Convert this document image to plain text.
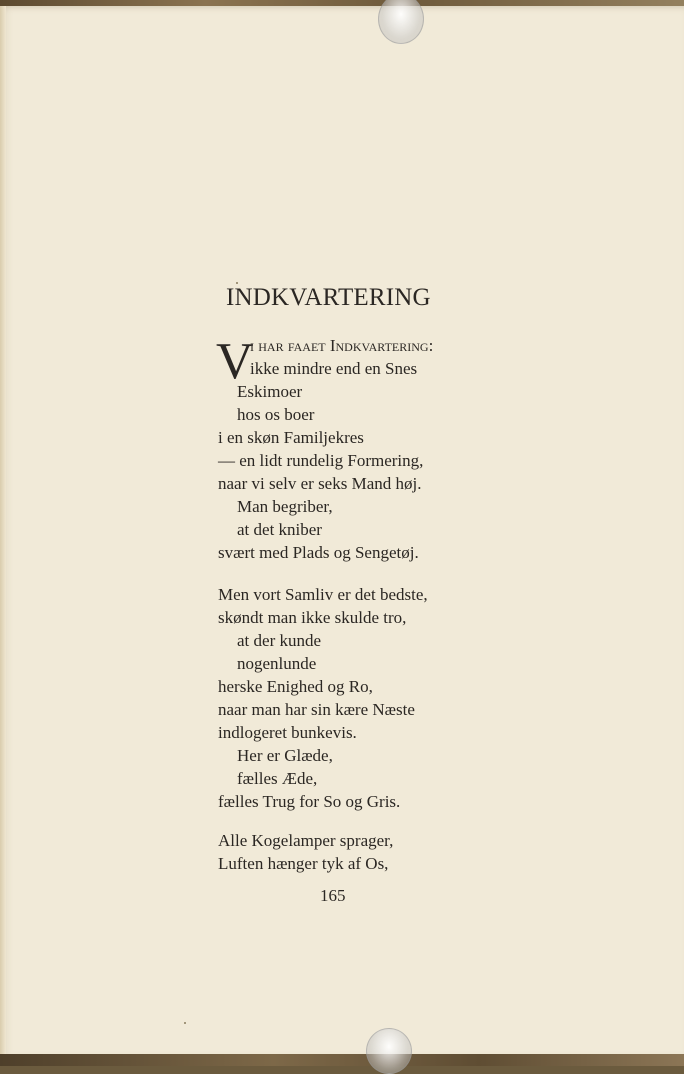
INDKVARTERING
V
i har faaet Indkvartering:
ikke mindre end en Snes
Eskimoer
hos os boer
i en skøn Familjekres
— en lidt rundelig Formering,
naar vi selv er seks Mand høj.
Man begriber,
at det kniber
svært med Plads og Sengetøj.
Men vort Samliv er det bedste,
skøndt man ikke skulde tro,
at der kunde
nogenlunde
herske Enighed og Ro,
naar man har sin kære Næste
indlogeret bunkevis.
Her er Glæde,
fælles Æde,
fælles Trug for So og Gris.
Alle Kogelamper sprager,
Luften hænger tyk af Os,
165
